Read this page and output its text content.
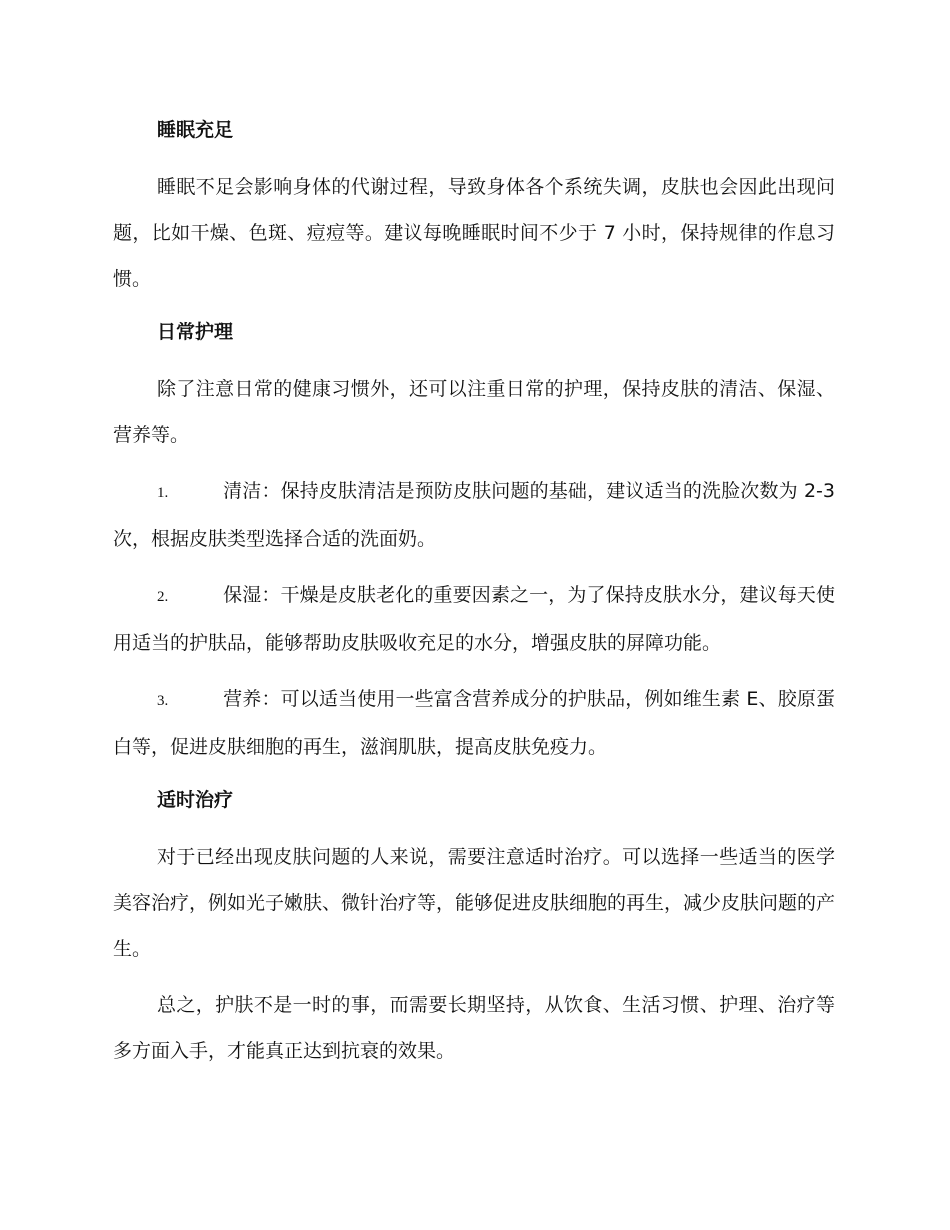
睡眠充足

睡眠不足会影响身体的代谢过程，导致身体各个系统失调，皮肤也会因此出现问题，比如干燥、色斑、痘痘等。建议每晚睡眠时间不少于 7 小时，保持规律的作息习惯。

日常护理

除了注意日常的健康习惯外，还可以注重日常的护理，保持皮肤的清洁、保湿、营养等。

1.	清洁：保持皮肤清洁是预防皮肤问题的基础，建议适当的洗脸次数为 2-3 次，根据皮肤类型选择合适的洗面奶。

2.	保湿：干燥是皮肤老化的重要因素之一，为了保持皮肤水分，建议每天使用适当的护肤品，能够帮助皮肤吸收充足的水分，增强皮肤的屏障功能。

3.	营养：可以适当使用一些富含营养成分的护肤品，例如维生素 E、胶原蛋白等，促进皮肤细胞的再生，滋润肌肤，提高皮肤免疫力。

适时治疗

对于已经出现皮肤问题的人来说，需要注意适时治疗。可以选择一些适当的医学美容治疗，例如光子嫩肤、微针治疗等，能够促进皮肤细胞的再生，减少皮肤问题的产生。

总之，护肤不是一时的事，而需要长期坚持，从饮食、生活习惯、护理、治疗等多方面入手，才能真正达到抗衰的效果。
